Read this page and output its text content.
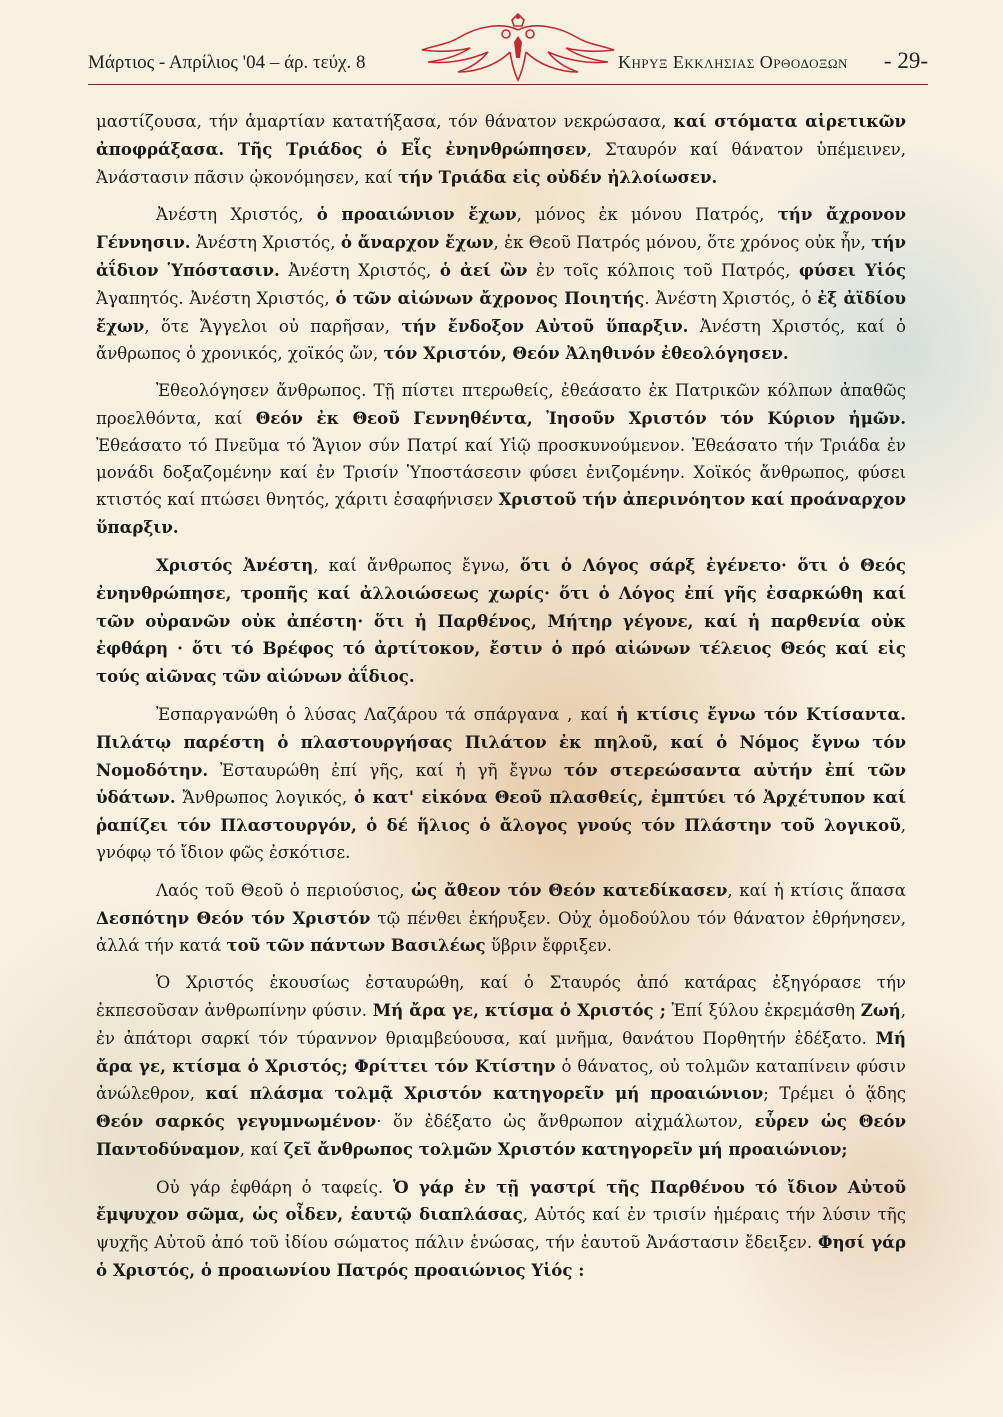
Μάρτιος - Απρίλιος '04 – άρ. τεύχ. 8	Κηρυξ Εκκλησιας Ορθοδοξων - 29-

μαστίζουσα, τήν ἁμαρτίαν κατατήξασα, τόν θάνατον νεκρώσασα, καί στόματα αἱρετικῶν ἀποφράξασα. Τῆς Τριάδος ὁ Εἷς ἐνηνθρώπησεν, Σταυρόν καί θάνατον ὑπέμεινεν, Ἀνάστασιν πᾶσιν ᾠκονόμησεν, καί τήν Τριάδα εἰς οὐδέν ἠλλοίωσεν.

Ἀνέστη Χριστός, ὁ προαιώνιον ἔχων, μόνος ἐκ μόνου Πατρός, τήν ἄχρονον Γέννησιν. Ἀνέστη Χριστός, ὁ ἄναρχον ἔχων, ἐκ Θεοῦ Πατρός μόνου, ὅτε χρόνος οὐκ ἦν, τήν ἀΐδιον Ὑπόστασιν. Ἀνέστη Χριστός, ὁ ἀεί ὢν ἐν τοῖς κόλποις τοῦ Πατρός, φύσει Υἱός Ἀγαπητός. Ἀνέστη Χριστός, ὁ τῶν αἰώνων ἄχρονος Ποιητής. Ἀνέστη Χριστός, ὁ ἐξ ἀϊδίου ἔχων, ὅτε Ἄγγελοι οὐ παρῆσαν, τήν ἔνδοξον Αὐτοῦ ὕπαρξιν. Ἀνέστη Χριστός, καί ὁ ἄνθρωπος ὁ χρονικός, χοϊκός ὤν, τόν Χριστόν, Θεόν Ἀληθινόν ἐθεολόγησεν.

Ἐθεολόγησεν ἄνθρωπος. Τῇ πίστει πτερωθείς, ἐθεάσατο ἐκ Πατρικῶν κόλπων ἀπαθῶς προελθόντα, καί Θεόν ἐκ Θεοῦ Γεννηθέντα, Ἰησοῦν Χριστόν τόν Κύριον ἡμῶν. Ἐθεάσατο τό Πνεῦμα τό Ἅγιον σύν Πατρί καί Υἱῷ προσκυνούμενον. Ἐθεάσατο τήν Τριάδα ἐν μονάδι δοξαζομένην καί ἐν Τρισίν Ὑποστάσεσιν φύσει ἑνιζομένην. Χοϊκός ἄνθρωπος, φύσει κτιστός καί πτώσει θνητός, χάριτι ἐσαφήνισεν Χριστοῦ τήν ἀπερινόητον καί προάναρχον ὕπαρξιν.

Χριστός Ἀνέστη, καί ἄνθρωπος ἔγνω, ὅτι ὁ Λόγος σάρξ ἐγένετο· ὅτι ὁ Θεός ἐνηνθρώπησε, τροπῆς καί ἀλλοιώσεως χωρίς· ὅτι ὁ Λόγος ἐπί γῆς ἐσαρκώθη καί τῶν οὐρανῶν οὐκ ἀπέστη· ὅτι ἡ Παρθένος, Μήτηρ γέγονε, καί ἡ παρθενία οὐκ ἐφθάρη · ὅτι τό Βρέφος τό ἀρτίτοκον, ἔστιν ὁ πρό αἰώνων τέλειος Θεός καί εἰς τούς αἰῶνας τῶν αἰώνων ἀΐδιος.

Ἐσπαργανώθη ὁ λύσας Λαζάρου τά σπάργανα , καί ἡ κτίσις ἔγνω τόν Κτίσαντα. Πιλάτῳ παρέστη ὁ πλαστουργήσας Πιλάτον ἐκ πηλοῦ, καί ὁ Νόμος ἔγνω τόν Νομοδότην. Ἐσταυρώθη ἐπί γῆς, καί ἡ γῆ ἔγνω τόν στερεώσαντα αὐτήν ἐπί τῶν ὑδάτων. Ἄνθρωπος λογικός, ὁ κατ' εἰκόνα Θεοῦ πλασθείς, ἐμπτύει τό Ἀρχέτυπον καί ῥαπίζει τόν Πλαστουργόν, ὁ δέ ἥλιος ὁ ἄλογος γνούς τόν Πλάστην τοῦ λογικοῦ, γνόφῳ τό ἴδιον φῶς ἐσκότισε.

Λαός τοῦ Θεοῦ ὁ περιούσιος, ὡς ἄθεον τόν Θεόν κατεδίκασεν, καί ἡ κτίσις ἅπασα Δεσπότην Θεόν τόν Χριστόν τῷ πένθει ἐκήρυξεν. Οὐχ ὁμοδούλου τόν θάνατον ἐθρήνησεν, ἀλλά τήν κατά τοῦ τῶν πάντων Βασιλέως ὕβριν ἔφριξεν.

Ὁ Χριστός ἑκουσίως ἐσταυρώθη, καί ὁ Σταυρός ἀπό κατάρας ἐξηγόρασε τήν ἐκπεσοῦσαν ἀνθρωπίνην φύσιν. Μή ἄρα γε, κτίσμα ὁ Χριστός ; Ἐπί ξύλου ἐκρεμάσθη Ζωή, ἐν ἀπάτορι σαρκί τόν τύραννον θριαμβεύουσα, καί μνῆμα, θανάτου Πορθητήν ἐδέξατο. Μή ἄρα γε, κτίσμα ὁ Χριστός; Φρίττει τόν Κτίστην ὁ θάνατος, οὐ τολμῶν καταπίνειν φύσιν ἀνώλεθρον, καί πλάσμα τολμᾷ Χριστόν κατηγορεῖν μή προαιώνιον; Τρέμει ὁ ᾅδης Θεόν σαρκός γεγυμνωμένον· ὅν ἐδέξατο ὡς ἄνθρωπον αἰχμάλωτον, εὗρεν ὡς Θεόν Παντοδύναμον, καί ζεῖ ἄνθρωπος τολμῶν Χριστόν κατηγορεῖν μή προαιώνιον;

Οὐ γάρ ἐφθάρη ὁ ταφείς. Ὁ γάρ ἐν τῇ γαστρί τῆς Παρθένου τό ἴδιον Αὐτοῦ ἔμψυχον σῶμα, ὡς οἶδεν, ἑαυτῷ διαπλάσας, Αὐτός καί ἐν τρισίν ἡμέραις τήν λύσιν τῆς ψυχῆς Αὐτοῦ ἀπό τοῦ ἰδίου σώματος πάλιν ἑνώσας, τήν ἑαυτοῦ Ἀνάστασιν ἔδειξεν. Φησί γάρ ὁ Χριστός, ὁ προαιωνίου Πατρός προαιώνιος Υἱός :
